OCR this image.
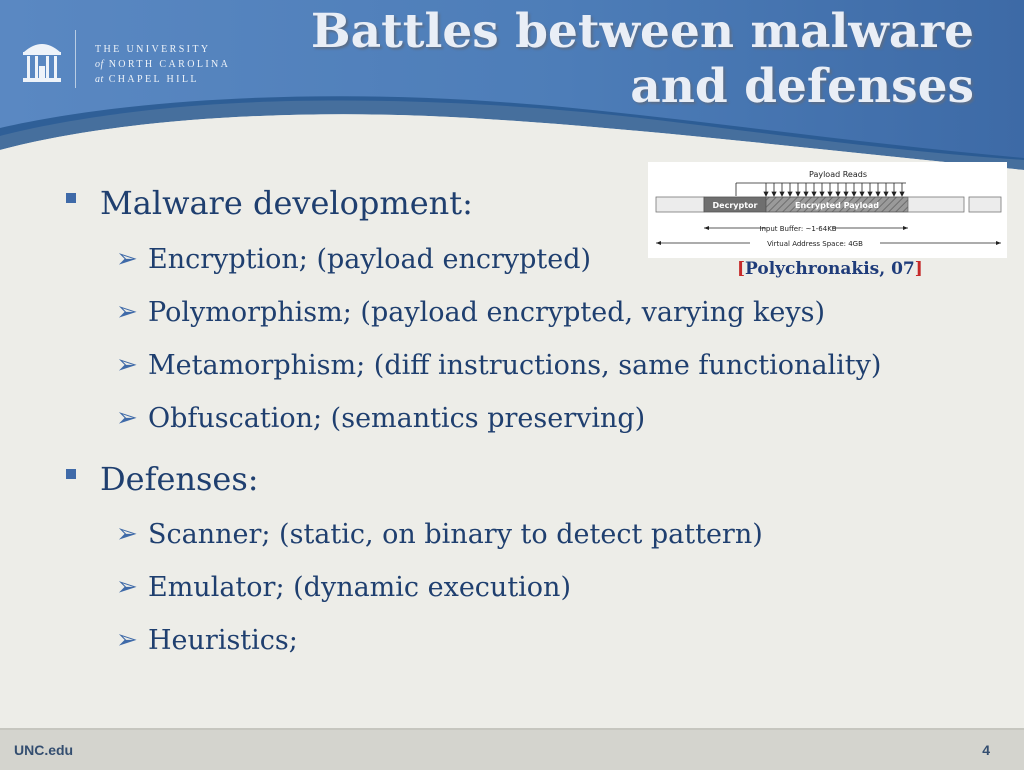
THE UNIVERSITY
of NORTH CAROLINA
at CHAPEL HILL
Battles between malware
and defenses
Payload Reads
Decryptor	Encrypted Payload
Input Buffer: ~1-64KB
Virtual Address Space: 4GB
[Polychronakis, 07]
Malware development:
➢ Encryption; (payload encrypted)
➢ Polymorphism; (payload encrypted, varying keys)
➢ Metamorphism; (diff instructions, same functionality)
➢ Obfuscation; (semantics preserving)
Defenses:
➢ Scanner; (static, on binary to detect pattern)
➢ Emulator; (dynamic execution)
➢ Heuristics;
UNC.edu	4
